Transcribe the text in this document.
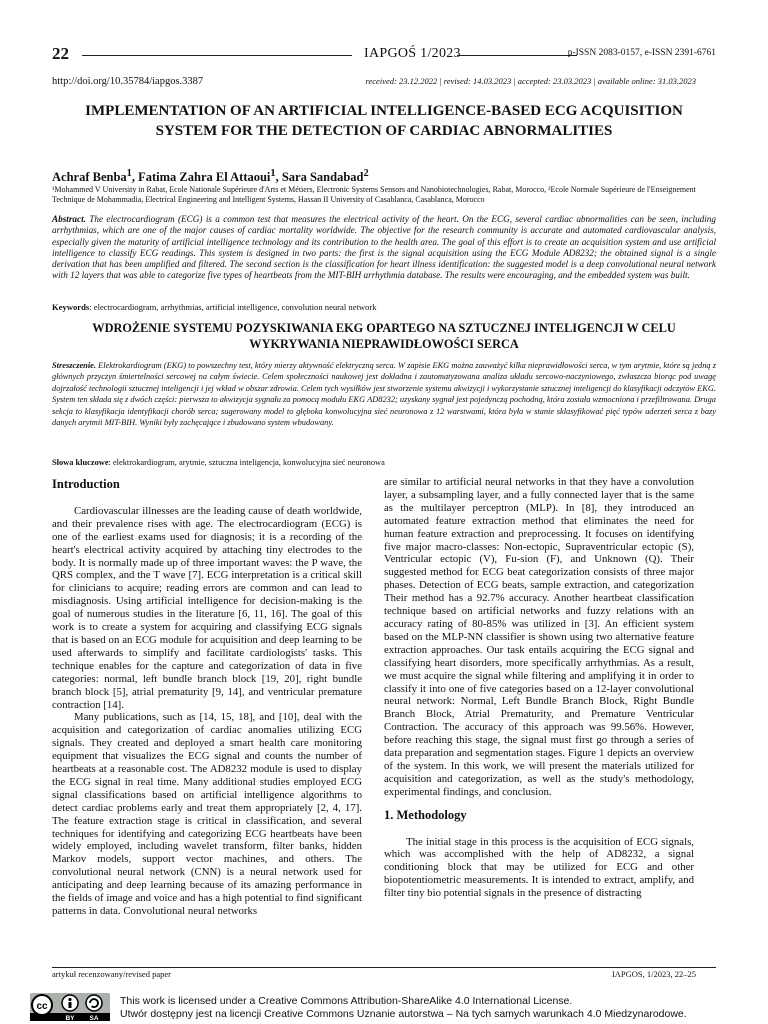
22	IAPGOŚ 1/2023	p-ISSN 2083-0157, e-ISSN 2391-6761
http://doi.org/10.35784/iapgos.3387	received: 23.12.2022 | revised: 14.03.2023 | accepted: 23.03.2023 | available online: 31.03.2023
IMPLEMENTATION OF AN ARTIFICIAL INTELLIGENCE-BASED ECG ACQUISITION SYSTEM FOR THE DETECTION OF CARDIAC ABNORMALITIES
Achraf Benba$^1$, Fatima Zahra El Attaoui$^1$, Sara Sandabad$^2$
¹Mohammed V University in Rabat, Ecole Nationale Supérieure d'Arts et Métiers, Electronic Systems Sensors and Nanobiotechnologies, Rabat, Morocco, ²Ecole Normale Supérieure de l'Enseignement Technique de Mohammadia, Electrical Engineering and Intelligent Systems, Hassan II University of Casablanca, Casablanca, Morocco
Abstract. The electrocardiogram (ECG) is a common test that measures the electrical activity of the heart. On the ECG, several cardiac abnormalities can be seen, including arrhythmias, which are one of the major causes of cardiac mortality worldwide. The objective for the research community is accurate and automated cardiovascular analysis, especially given the maturity of artificial intelligence technology and its contribution to the health area. The goal of this effort is to create an acquisition system and use artificial intelligence to classify ECG readings. This system is designed in two parts: the first is the signal acquisition using the ECG Module AD8232; the obtained signal is a single derivation that has been amplified and filtered. The second section is the classification for heart illness identification: the suggested model is a deep convolutional neural network with 12 layers that was able to categorize five types of heartbeats from the MIT-BIH arrhythmia database. The results were encouraging, and the embedded system was built.
Keywords: electrocardiogram, arrhythmias, artificial intelligence, convolution neural network
WDROŻENIE SYSTEMU POZYSKIWANIA EKG OPARTEGO NA SZTUCZNEJ INTELIGENCJI W CELU WYKRYWANIA NIEPRAWIDŁOWOŚCI SERCA
Streszczenie. Elektrokardiogram (EKG) to powszechny test, który mierzy aktywność elektryczną serca. W zapisie EKG można zauważyć kilka nieprawidłowości serca, w tym arytmie, które są jedną z głównych przyczyn śmiertelności sercowej na całym świecie. Celem społeczności naukowej jest dokładna i zautomatyzowana analiza układu sercowo-naczyniowego, zwłaszcza biorąc pod uwagę dojrzałość technologii sztucznej inteligencji i jej wkład w obszar zdrowia. Celem tych wysiłków jest stworzenie systemu akwizycji i wykorzystanie sztucznej inteligencji do klasyfikacji odczytów EKG. System ten składa się z dwóch części: pierwsza to akwizycja sygnału za pomocą modułu EKG AD8232; uzyskany sygnał jest pojedynczą pochodną, która została wzmocniona i przefiltrowana. Druga sekcja to klasyfikacja identyfikacji chorób serca; sugerowany model to głęboka konwolucyjna sieć neuronowa z 12 warstwami, która była w stanie sklasyfikować pięć typów uderzeń serca z bazy danych arytmii MIT-BIH. Wyniki były zachęcające i zbudowano system wbudowany.
Słowa kluczowe: elektrokardiogram, arytmie, sztuczna inteligencja, konwolucyjna sieć neuronowa
Introduction

Cardiovascular illnesses are the leading cause of death worldwide, and their prevalence rises with age. The electrocardiogram (ECG) is one of the earliest exams used for diagnosis; it is a recording of the heart's electrical activity acquired by attaching tiny electrodes to the body. It is normally made up of three important waves: the P wave, the QRS complex, and the T wave [7]. ECG interpretation is a critical skill for clinicians to acquire; reading errors are common and can lead to misdiagnosis. Using artificial intelligence for decision-making is the goal of numerous studies in the literature [6, 11, 16]. The goal of this work is to create a system for acquiring and classifying ECG signals that is based on an ECG module for acquisition and deep learning to be used afterwards to simplify and facilitate cardiologists' tasks. This technique enables for the capture and categorization of data in five categories: normal, left bundle branch block [19, 20], right bundle branch block [5], atrial prematurity [9, 14], and ventricular premature contraction [14].

Many publications, such as [14, 15, 18], and [10], deal with the acquisition and categorization of cardiac anomalies utilizing ECG signals. They created and deployed a smart health care monitoring equipment that visualizes the ECG signal and counts the number of heartbeats at a reasonable cost. The AD8232 module is used to display the ECG signal in real time. Many additional studies employed ECG signal classifications based on artificial intelligence algorithms to detect cardiac problems early and treat them appropriately [2, 4, 17]. The feature extraction stage is critical in classification, and several techniques for identifying and categorizing ECG heartbeats have been widely employed, including wavelet transform, filter banks, hidden Markov models, support vector machines, and others. The convolutional neural network (CNN) is a neural network used for anticipating and deep learning because of its amazing performance in the fields of image and voice and has a high potential to find significant patterns in data. Convolutional neural networks

are similar to artificial neural networks in that they have a convolution layer, a subsampling layer, and a fully connected layer that is the same as the multilayer perceptron (MLP). In [8], they introduced an automated feature extraction method that eliminates the need for human feature extraction and preprocessing. It focuses on identifying five major macro-classes: Non-ectopic, Supraventricular ectopic (S), Ventricular ectopic (V), Fu-sion (F), and Unknown (Q). Their suggested method for ECG beat categorization consists of three major phases. Detection of ECG beats, sample extraction, and categorization Their method has a 92.7% accuracy. Another heartbeat classification technique based on artificial networks and fuzzy relations with an accuracy rating of 80-85% was utilized in [3]. An efficient system based on the MLP-NN classifier is shown using two alternative feature extraction approaches. Our task entails acquiring the ECG signal and classifying heart disorders, more specifically arrhythmias. As a result, we must acquire the signal while filtering and amplifying it in order to classify it into one of five categories based on a 12-layer convolutional neural network: Normal, Left Bundle Branch Block, Right Bundle Branch Block, Atrial Prematurity, and Premature Ventricular Contraction. The accuracy of this approach was 99.56%. However, before reaching this stage, the signal must first go through a series of data preparation and segmentation stages. Figure 1 depicts an overview of the system. In this work, we will present the materials utilized for acquisition and categorization, as well as the study's methodology, experimental findings, and conclusion.

1. Methodology

The initial stage in this process is the acquisition of ECG signals, which was accomplished with the help of AD8232, a signal conditioning block that may be utilized for ECG and other biopotentiometric measurements. It is intended to extract, amplify, and filter tiny bio potential signals in the presence of distracting

artykuł recenzowany/revised paper	IAPGOS, 1/2023, 22–25
cc
BY SA
This work is licensed under a Creative Commons Attribution-ShareAlike 4.0 International License.
Utwór dostępny jest na licencji Creative Commons Uznanie autorstwa – Na tych samych warunkach 4.0 Miedzynarodowe.
